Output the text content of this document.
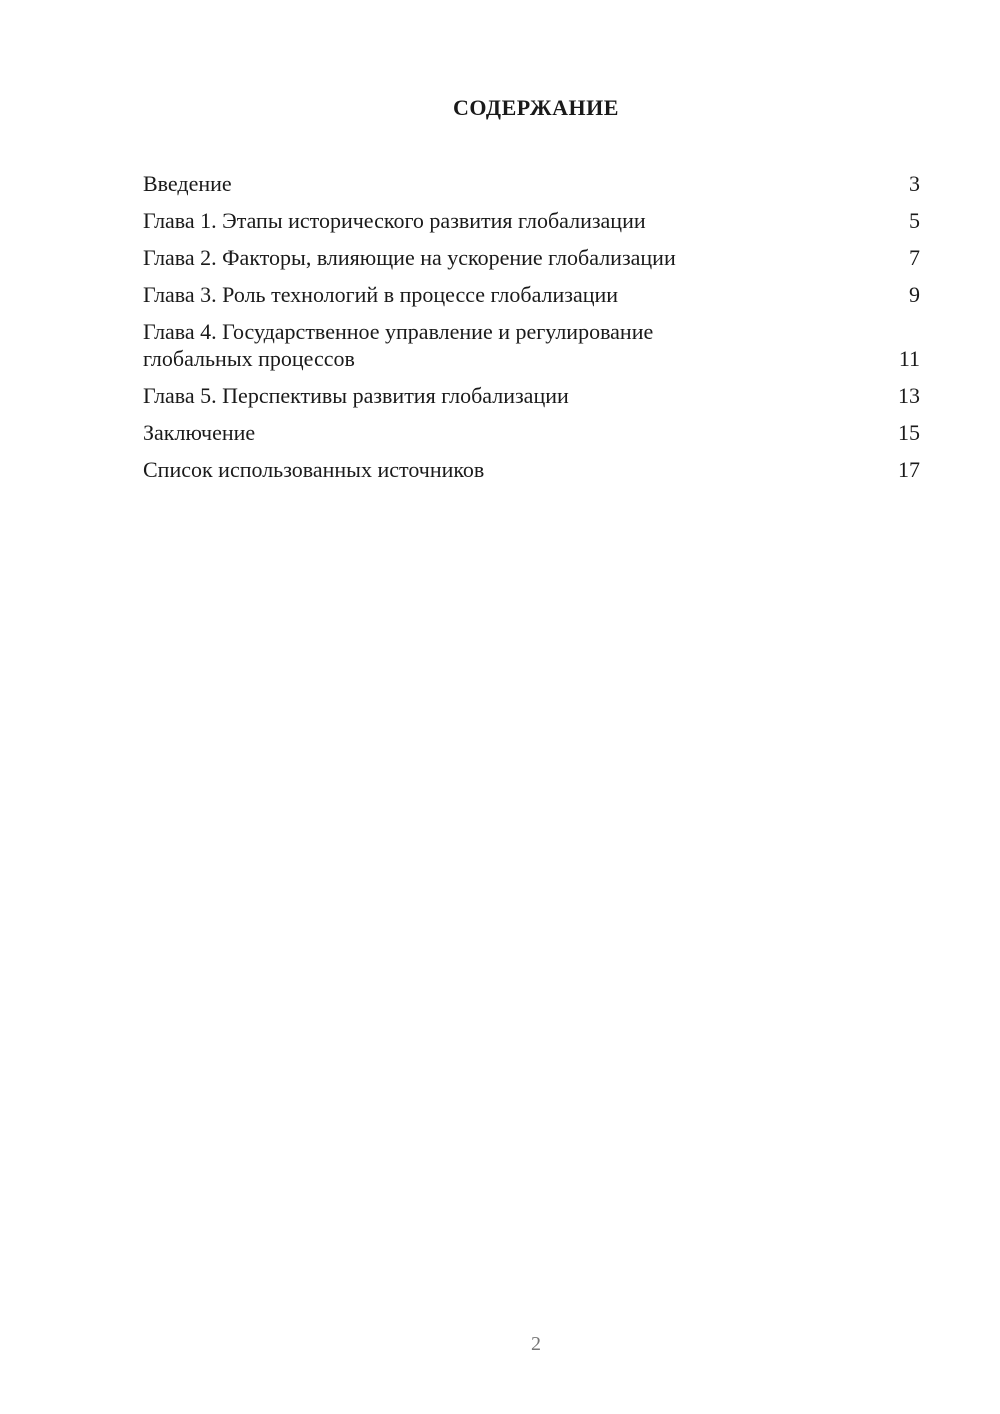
СОДЕРЖАНИЕ
Введение	3
Глава 1. Этапы исторического развития глобализации	5
Глава 2. Факторы, влияющие на ускорение глобализации	7
Глава 3. Роль технологий в процессе глобализации	9
Глава 4. Государственное управление и регулирование
глобальных процессов	11
Глава 5. Перспективы развития глобализации	13
Заключение	15
Список использованных источников	17
2
